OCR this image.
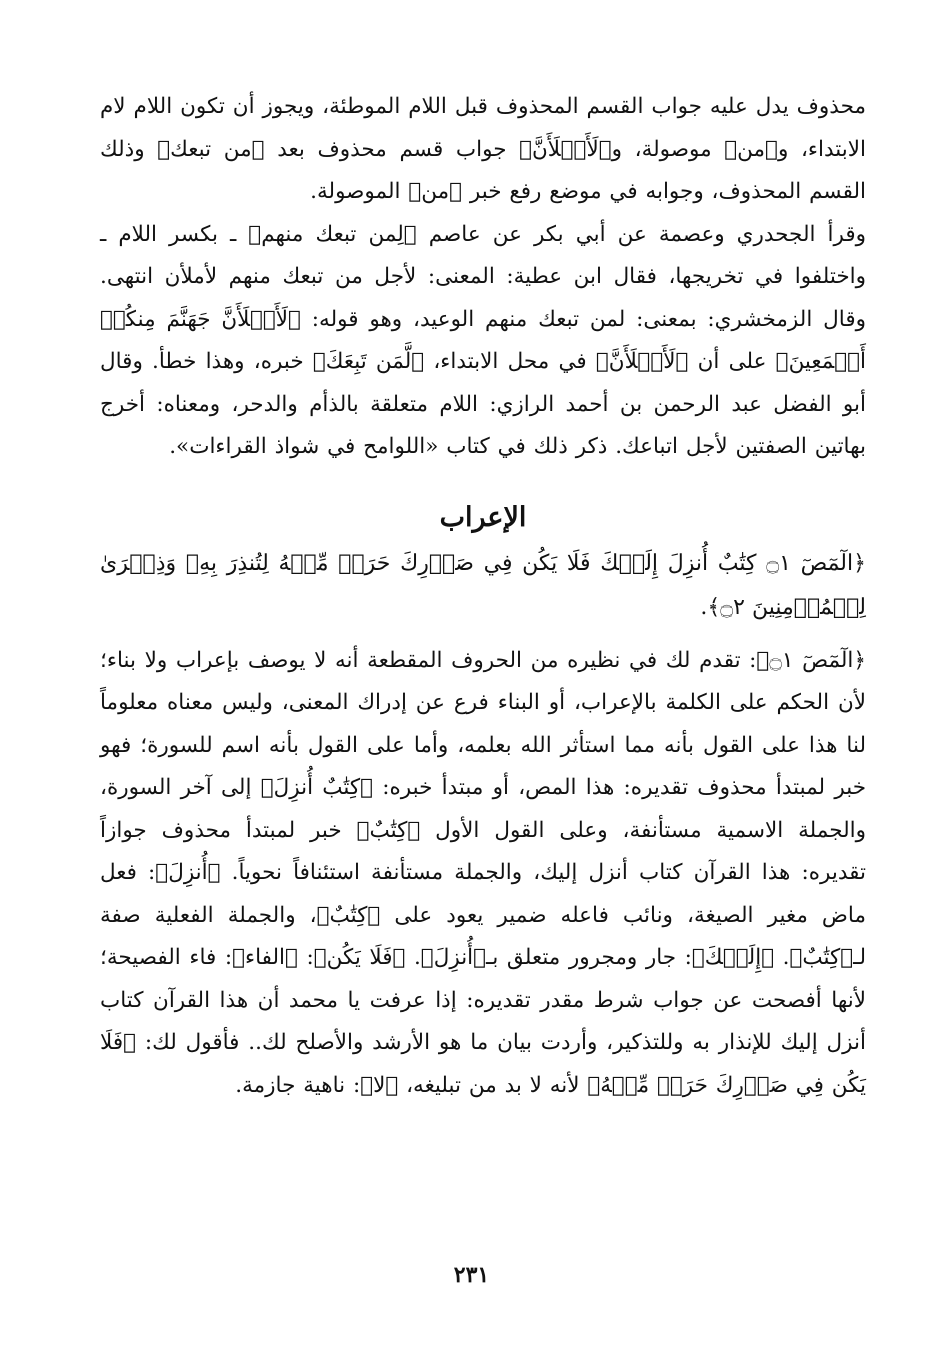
محذوف يدل عليه جواب القسم المحذوف قبل اللام الموطئة، ويجوز أن تكون اللام لام الابتداء، و﴿من﴾ موصولة، و﴿لَأَمۡلَأَنَّ﴾ جواب قسم محذوف بعد ﴿من تبعك﴾ وذلك القسم المحذوف، وجوابه في موضع رفع خبر ﴿من﴾ الموصولة.

وقرأ الجحدري وعصمة عن أبي بكر عن عاصم ﴿لِمن تبعك منهم﴾ ـ بكسر اللام ـ واختلفوا في تخريجها، فقال ابن عطية: المعنى: لأجل من تبعك منهم لأملأن انتهى. وقال الزمخشري: بمعنى: لمن تبعك منهم الوعيد، وهو قوله: ﴿لَأَمۡلَأَنَّ جَهَنَّمَ مِنكُمۡ أَجۡمَعِينَ﴾ على أن ﴿لَأَمۡلَأَنَّ﴾ في محل الابتداء، ﴿لَّمَن تَبِعَكَ﴾ خبره، وهذا خطأ. وقال أبو الفضل عبد الرحمن بن أحمد الرازي: اللام متعلقة بالذأم والدحر، ومعناه: أخرج بهاتين الصفتين لأجل اتباعك. ذكر ذلك في كتاب «اللوامح في شواذ القراءات».

الإعراب

﴿الٓمٓصٓ ۝١ كِتَٰبٌ أُنزِلَ إِلَيۡكَ فَلَا يَكُن فِي صَدۡرِكَ حَرَجٞ مِّنۡهُ لِتُنذِرَ بِهِۦ وَذِكۡرَىٰ لِلۡمُؤۡمِنِينَ ۝٢﴾.

﴿الٓمٓصٓ ۝١﴾: تقدم لك في نظيره من الحروف المقطعة أنه لا يوصف بإعراب ولا بناء؛ لأن الحكم على الكلمة بالإعراب، أو البناء فرع عن إدراك المعنى، وليس معناه معلوماً لنا هذا على القول بأنه مما استأثر الله بعلمه، وأما على القول بأنه اسم للسورة؛ فهو خبر لمبتدأ محذوف تقديره: هذا المص، أو مبتدأ خبره: ﴿كِتَٰبٌ أُنزِلَ﴾ إلى آخر السورة، والجملة الاسمية مستأنفة، وعلى القول الأول ﴿كِتَٰبٌ﴾ خبر لمبتدأ محذوف جوازاً تقديره: هذا القرآن كتاب أنزل إليك، والجملة مستأنفة استئنافاً نحوياً. ﴿أُنزِلَ﴾: فعل ماض مغير الصيغة، ونائب فاعله ضمير يعود على ﴿كِتَٰبٌ﴾، والجملة الفعلية صفة لـ﴿كِتَٰبٌ﴾. ﴿إِلَيۡكَ﴾: جار ومجرور متعلق بـ﴿أُنزِلَ﴾. ﴿فَلَا يَكُن﴾: ﴿الفاء﴾: فاء الفصيحة؛ لأنها أفصحت عن جواب شرط مقدر تقديره: إذا عرفت يا محمد أن هذا القرآن كتاب أنزل إليك للإنذار به وللتذكير، وأردت بيان ما هو الأرشد والأصلح لك.. فأقول لك: ﴿فَلَا يَكُن فِي صَدۡرِكَ حَرَجٞ مِّنۡهُ﴾ لأنه لا بد من تبليغه، ﴿لا﴾: ناهية جازمة.

٢٣١
